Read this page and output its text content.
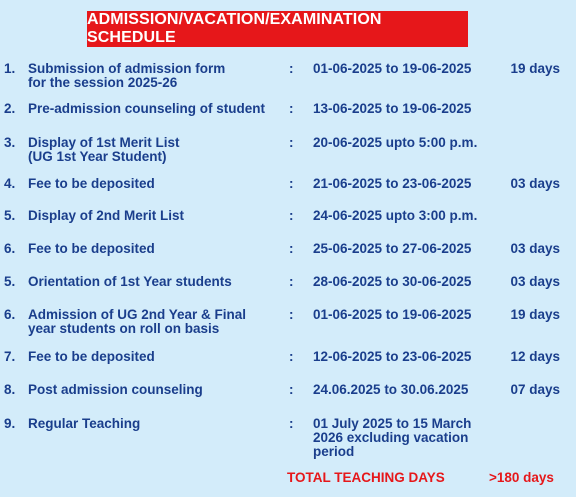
ADMISSION/VACATION/EXAMINATION SCHEDULE
1. Submission of admission form
for the session 2025-26
: 01-06-2025 to 19-06-2025	19 days
2. Pre-admission counseling of student	: 13-06-2025 to 19-06-2025
3. Display of 1st Merit List
(UG 1st Year Student)
: 20-06-2025 upto 5:00 p.m.
4. Fee to be deposited	: 21-06-2025 to 23-06-2025	03 days
5. Display of 2nd Merit List	: 24-06-2025 upto 3:00 p.m.
6. Fee to be deposited	: 25-06-2025 to 27-06-2025	03 days
5. Orientation of 1st Year students	: 28-06-2025 to 30-06-2025	03 days
6. Admission of UG 2nd Year & Final
year students on roll on basis
: 01-06-2025 to 19-06-2025	19 days
7. Fee to be deposited	: 12-06-2025 to 23-06-2025	12 days
8. Post admission counseling	: 24.06.2025 to 30.06.2025	07 days
9. Regular Teaching	: 01 July 2025 to 15 March
2026 excluding vacation
period
TOTAL TEACHING DAYS	>180 days
